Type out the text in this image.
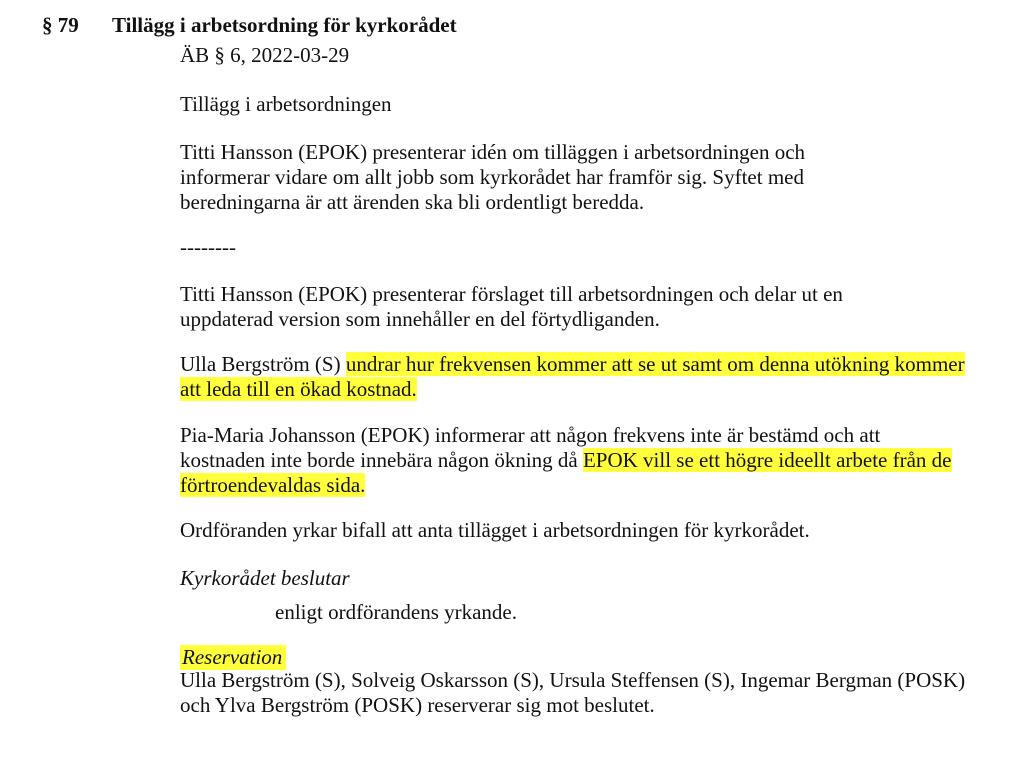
§ 79 Tillägg i arbetsordning för kyrkorådet
ÄB § 6, 2022-03-29
Tillägg i arbetsordningen

Titti Hansson (EPOK) presenterar idén om tilläggen i arbetsordningen och informerar vidare om allt jobb som kyrkorådet har framför sig. Syftet med beredningarna är att ärenden ska bli ordentligt beredda.

--------

Titti Hansson (EPOK) presenterar förslaget till arbetsordningen och delar ut en uppdaterad version som innehåller en del förtydliganden.

Ulla Bergström (S) undrar hur frekvensen kommer att se ut samt om denna utökning kommer att leda till en ökad kostnad.

Pia-Maria Johansson (EPOK) informerar att någon frekvens inte är bestämd och att kostnaden inte borde innebära någon ökning då EPOK vill se ett högre ideellt arbete från de förtroendevaldas sida.

Ordföranden yrkar bifall att anta tillägget i arbetsordningen för kyrkorådet.

Kyrkorådet beslutar
enligt ordförandens yrkande.
Reservation

Ulla Bergström (S), Solveig Oskarsson (S), Ursula Steffensen (S), Ingemar Bergman (POSK) och Ylva Bergström (POSK) reserverar sig mot beslutet.
